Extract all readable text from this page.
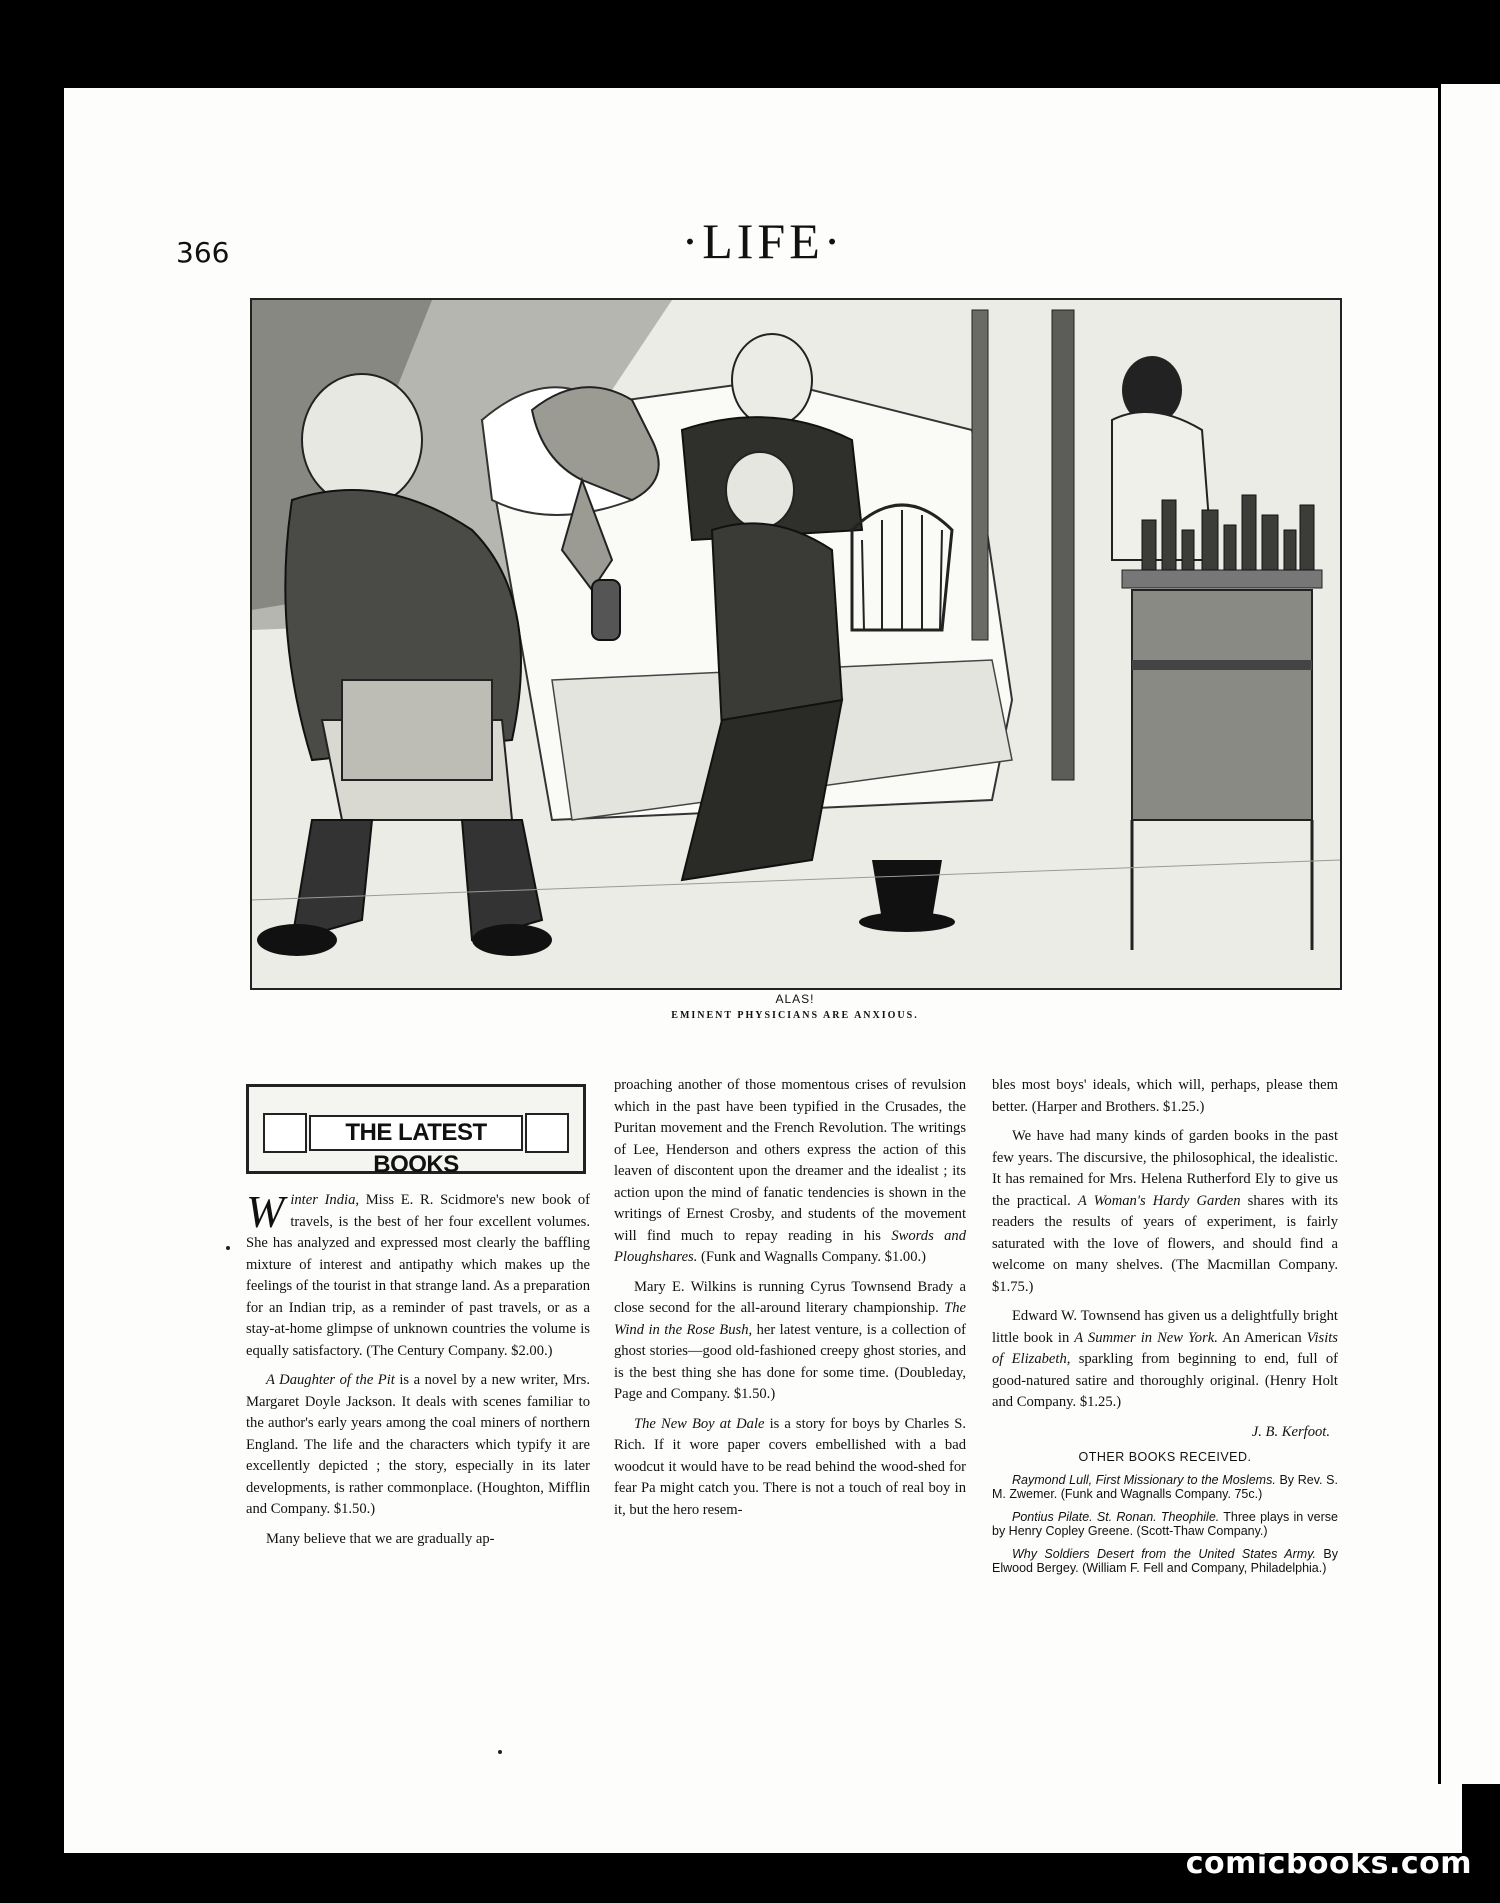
366	·LIFE·
ALAS!
EMINENT PHYSICIANS ARE ANXIOUS.
THE LATEST BOOKS

Winter India, Miss E. R. Scidmore's new book of travels, is the best of her four excellent volumes. She has analyzed and expressed most clearly the baffling mixture of interest and antipathy which makes up the feelings of the tourist in that strange land. As a preparation for an Indian trip, as a reminder of past travels, or as a stay-at-home glimpse of unknown countries the volume is equally satisfactory. (The Century Company. $2.00.)

A Daughter of the Pit is a novel by a new writer, Mrs. Margaret Doyle Jackson. It deals with scenes familiar to the author's early years among the coal miners of northern England. The life and the characters which typify it are excellently depicted ; the story, especially in its later developments, is rather commonplace. (Houghton, Mifflin and Company. $1.50.)

Many believe that we are gradually ap-

proaching another of those momentous crises of revulsion which in the past have been typified in the Crusades, the Puritan movement and the French Revolution. The writings of Lee, Henderson and others express the action of this leaven of discontent upon the dreamer and the idealist ; its action upon the mind of fanatic tendencies is shown in the writings of Ernest Crosby, and students of the movement will find much to repay reading in his Swords and Ploughshares. (Funk and Wagnalls Company. $1.00.)

Mary E. Wilkins is running Cyrus Townsend Brady a close second for the all-around literary championship. The Wind in the Rose Bush, her latest venture, is a collection of ghost stories—good old-fashioned creepy ghost stories, and is the best thing she has done for some time. (Doubleday, Page and Company. $1.50.)

The New Boy at Dale is a story for boys by Charles S. Rich. If it wore paper covers embellished with a bad woodcut it would have to be read behind the wood-shed for fear Pa might catch you. There is not a touch of real boy in it, but the hero resem-

bles most boys' ideals, which will, perhaps, please them better. (Harper and Brothers. $1.25.)

We have had many kinds of garden books in the past few years. The discursive, the philosophical, the idealistic. It has remained for Mrs. Helena Rutherford Ely to give us the practical. A Woman's Hardy Garden shares with its readers the results of years of experiment, is fairly saturated with the love of flowers, and should find a welcome on many shelves. (The Macmillan Company. $1.75.)

Edward W. Townsend has given us a delightfully bright little book in A Summer in New York. An American Visits of Elizabeth, sparkling from beginning to end, full of good-natured satire and thoroughly original. (Henry Holt and Company. $1.25.)

J. B. Kerfoot.
OTHER BOOKS RECEIVED.

Raymond Lull, First Missionary to the Moslems. By Rev. S. M. Zwemer. (Funk and Wagnalls Company. 75c.)

Pontius Pilate. St. Ronan. Theophile. Three plays in verse by Henry Copley Greene. (Scott-Thaw Company.)

Why Soldiers Desert from the United States Army. By Elwood Bergey. (William F. Fell and Company, Philadelphia.)

comicbooks.com
